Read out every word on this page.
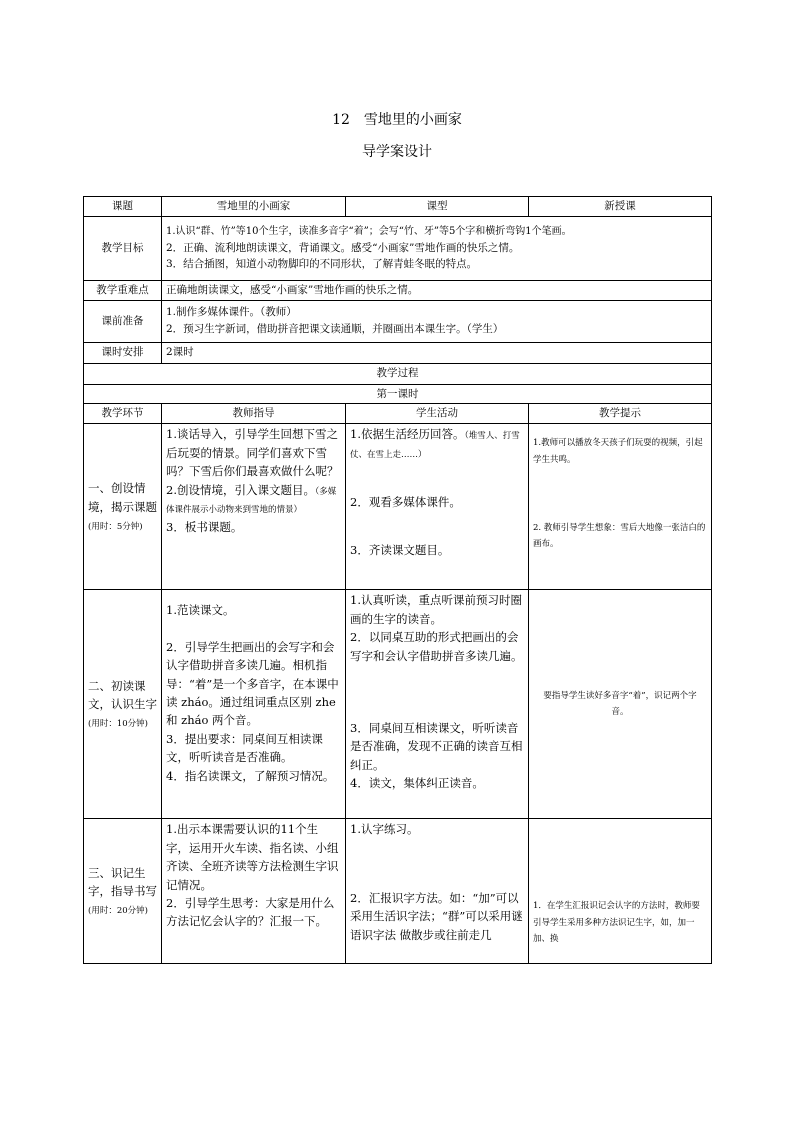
12　雪地里的小画家
导学案设计
课题	雪地里的小画家	课型	新授课
教学目标	1.认识“群、竹”等10个生字，读准多音字“着”；会写“竹、牙”等5个字和横折弯钩1个笔画。
2．正确、流利地朗读课文，背诵课文。感受“小画家”雪地作画的快乐之情。
3．结合插图，知道小动物脚印的不同形状，了解青蛙冬眠的特点。		

教学重难点	正确地朗读课文，感受“小画家”雪地作画的快乐之情。		
课前准备	1.制作多媒体课件。（教师）
2．预习生字新词，借助拼音把课文读通顺，并圈画出本课生字。（学生）		

课时安排	2课时		
教学过程			
第一课时			
教学环节	教师指导	学生活动	教学提示
一、创设情境，揭示课题(用时：5分钟)	1.谈话导入，引导学生回想下雪之后玩耍的情景。同学们喜欢下雪吗？下雪后你们最喜欢做什么呢？
2.创设情境，引入课文题目。（多媒体课件展示小动物来到雪地的情景）
3．板书课题。	1.依据生活经历回答。（堆雪人、打雪仗、在雪上走……）
2．观看多媒体课件。
3．齐读课文题目。	1.教师可以播放冬天孩子们玩耍的视频，引起学生共鸣。
2. 教师引导学生想象：雪后大地像一张洁白的画布。

二、初读课文，认识生字(用时：10分钟)	1.范读课文。
2．引导学生把画出的会写字和会认字借助拼音多读几遍。相机指导：“着”是一个多音字，在本课中读 zháo。通过组词重点区别 zhe 和 zháo 两个音。
3．提出要求：同桌间互相读课文，听听读音是否准确。
4．指名读课文，了解预习情况。	1.认真听读，重点听课前预习时圈画的生字的读音。
2．以同桌互助的形式把画出的会写字和会认字借助拼音多读几遍。
3．同桌间互相读课文，听听读音是否准确，发现不正确的读音互相纠正。
4．读文，集体纠正读音。	要指导学生读好多音字“着”，识记两个字音。

三、识记生字，指导书写(用时：20分钟)	1.出示本课需要认识的11个生字，运用开火车读、指名读、小组齐读、全班齐读等方法检测生字识记情况。
2．引导学生思考：大家是用什么方法记忆会认字的？汇报一下。	1.认字练习。
2．汇报识字方法。如：“加”可以采用生活识字法；“群”可以采用谜语识字法 做散步或往前走几	1．在学生汇报识记会认字的方法时，教师要引导学生采用多种方法识记生字，如，加一加、换
